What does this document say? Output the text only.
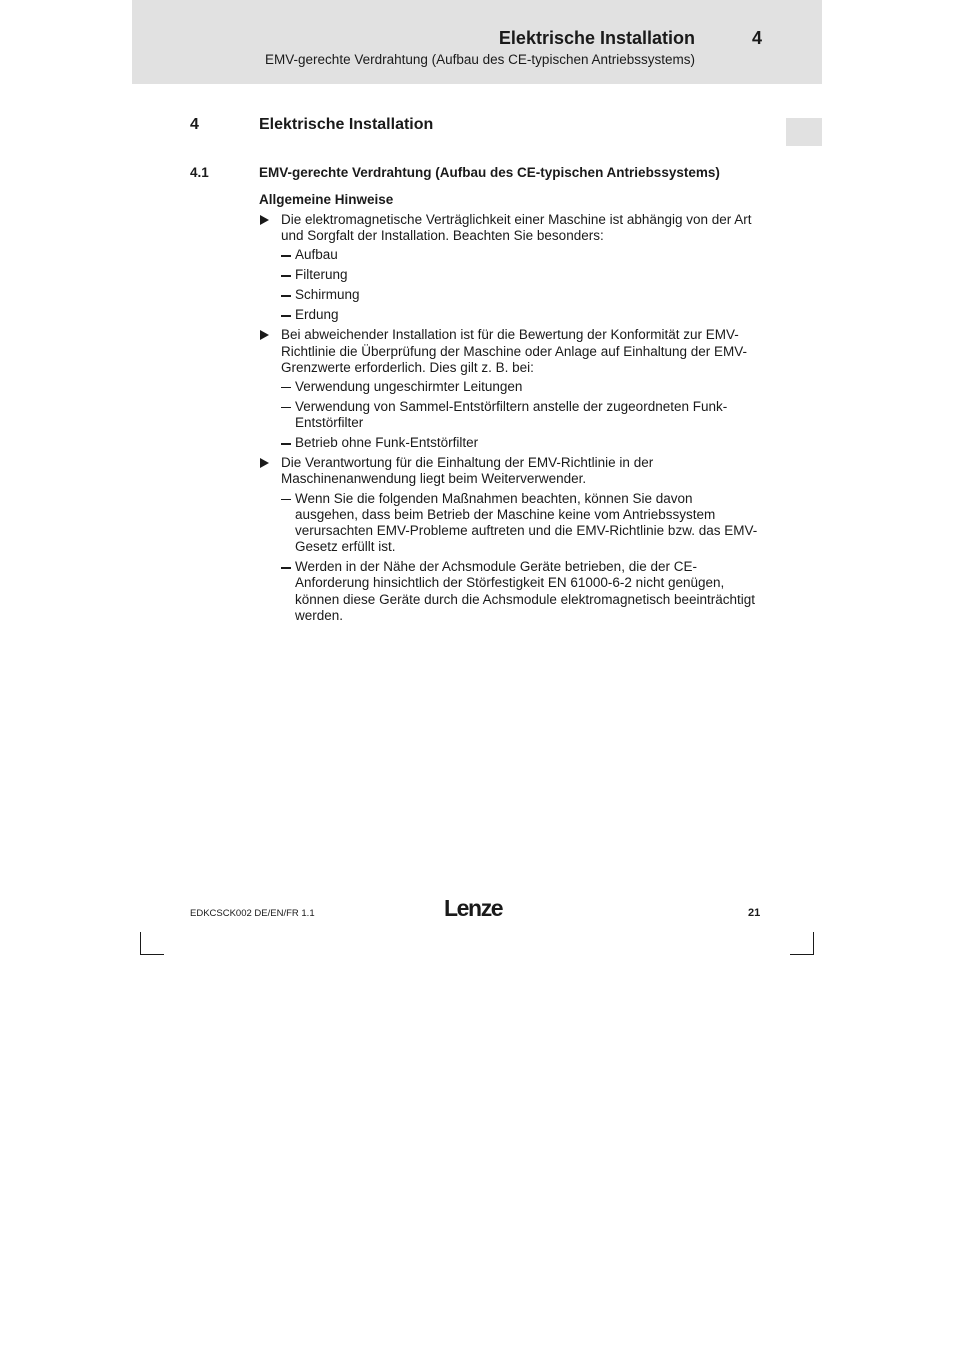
Elektrische Installation	4
EMV-gerechte Verdrahtung (Aufbau des CE-typischen Antriebssystems)
4	Elektrische Installation
4.1	EMV-gerechte Verdrahtung (Aufbau des CE-typischen Antriebssystems)
Allgemeine Hinweise
Die elektromagnetische Verträglichkeit einer Maschine ist abhängig von der Art und Sorgfalt der Installation. Beachten Sie besonders:
Aufbau
Filterung
Schirmung
Erdung
Bei abweichender Installation ist für die Bewertung der Konformität zur EMV-Richtlinie die Überprüfung der Maschine oder Anlage auf Einhaltung der EMV-Grenzwerte erforderlich. Dies gilt z. B. bei:
Verwendung ungeschirmter Leitungen
Verwendung von Sammel-Entstörfiltern anstelle der zugeordneten Funk-Entstörfilter
Betrieb ohne Funk-Entstörfilter
Die Verantwortung für die Einhaltung der EMV-Richtlinie in der Maschinenanwendung liegt beim Weiterverwender.
Wenn Sie die folgenden Maßnahmen beachten, können Sie davon ausgehen, dass beim Betrieb der Maschine keine vom Antriebssystem verursachten EMV-Probleme auftreten und die EMV-Richtlinie bzw. das EMV-Gesetz erfüllt ist.
Werden in der Nähe der Achsmodule Geräte betrieben, die der CE-Anforderung hinsichtlich der Störfestigkeit EN 61000-6-2 nicht genügen, können diese Geräte durch die Achsmodule elektromagnetisch beeinträchtigt werden.
EDKCSCK002 DE/EN/FR 1.1	Lenze	21
